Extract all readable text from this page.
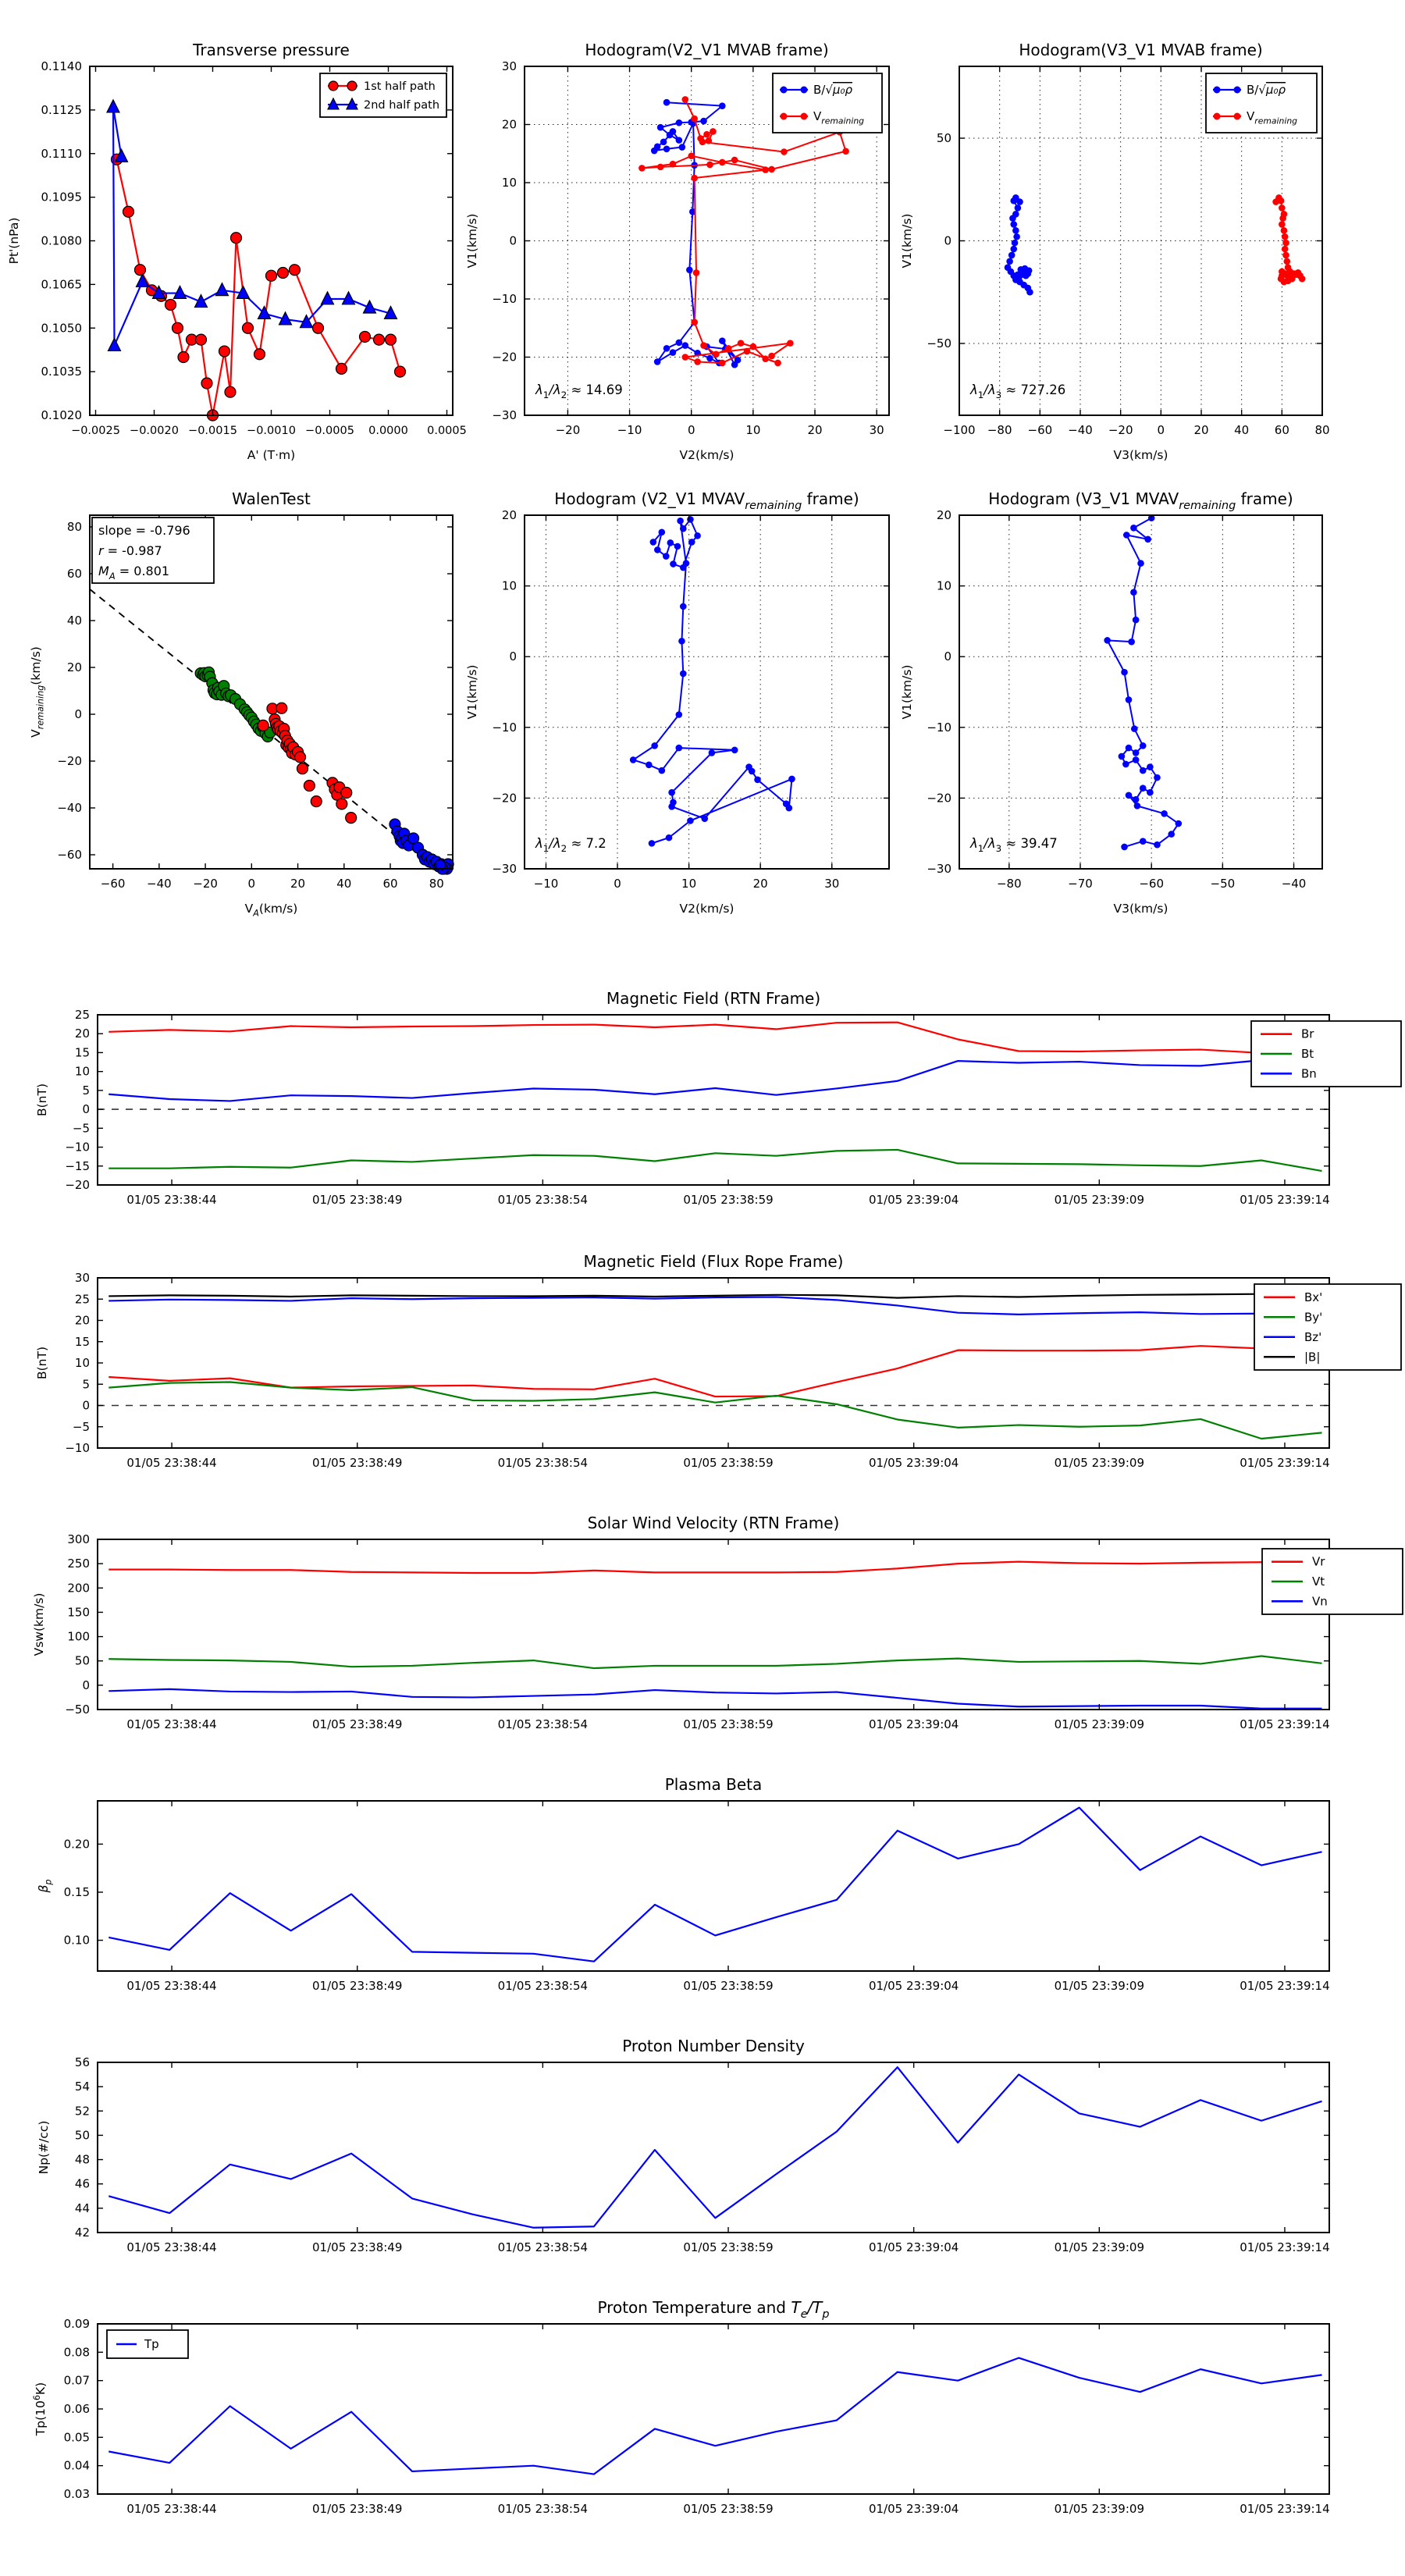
−0.0025 −0.0020 −0.0015 −0.0010 −0.0005 0.0000 0.0005
0.1020
0.1035
0.1050
0.1065
0.1080
0.1095
0.1110
0.1125
0.1140
Transverse pressure
A' (T·m)
Pt'(nPa)
1st half path
2nd half path
−20	−10	0	10	20	30
−30
−20
−10
0
10
20
30
Hodogram(V2_V1 MVAB frame)
V2(km/s)
V1(km/s)
$\lambda_1/\lambda_2 \approx 14.69$
B/√μ₀ρ
$V_{remaining}$
−100 −80 −60 −40 −20 0 20 40 60 80
−50
0
50
Hodogram(V3_V1 MVAB frame)
V3(km/s)
V1(km/s)
$\lambda_1/\lambda_3 \approx 727.26$
B/√μ₀ρ
$V_{remaining}$
−60 −40 −20	0	20	40	60	80
−60
−40
−20
0
20
40
60
80
WalenTest
$V_A(km/s)$
$V_{remaining}(km/s)$
slope = -0.796
r = -0.987
$M_A = 0.801$
−10	0	10	20	30
−30
−20
−10
0
10
20
Hodogram (V2_V1 $MVAV_{remaining}$ frame)
V2(km/s)
V1(km/s)
$\lambda_1/\lambda_2 \approx 7.2$
−80	−70	−60	−50	−40
−30
−20
−10
0
10
20
Hodogram (V3_V1 $MVAV_{remaining}$ frame)
V3(km/s)
V1(km/s)
$\lambda_1/\lambda_3 \approx 39.47$
01/05 23:38:44	01/05 23:38:49	01/05 23:38:54	01/05 23:38:59	01/05 23:39:04	01/05 23:39:09	01/05 23:39:14
−20
−15
−10
−5
0
5
10
15
20
25
Magnetic Field (RTN Frame)
B(nT)
Br
Bt
Bn
01/05 23:38:44	01/05 23:38:49	01/05 23:38:54	01/05 23:38:59	01/05 23:39:04	01/05 23:39:09	01/05 23:39:14
−10
−5
0
5
10
15
20
25
30
Magnetic Field (Flux Rope Frame)
B(nT)
Bx'
By'
Bz'
|B|
01/05 23:38:44	01/05 23:38:49	01/05 23:38:54	01/05 23:38:59	01/05 23:39:04	01/05 23:39:09	01/05 23:39:14
−50
0
50
100
150
200
250
300
Solar Wind Velocity (RTN Frame)
Vsw(km/s)
Vr
Vt
Vn
01/05 23:38:44	01/05 23:38:49	01/05 23:38:54	01/05 23:38:59	01/05 23:39:04	01/05 23:39:09	01/05 23:39:14
0.10
0.15
0.20
Plasma Beta
$\beta_p$
01/05 23:38:44	01/05 23:38:49	01/05 23:38:54	01/05 23:38:59	01/05 23:39:04	01/05 23:39:09	01/05 23:39:14
42
44
46
48
50
52
54
56
Proton Number Density
Np(#/cc)
01/05 23:38:44	01/05 23:38:49	01/05 23:38:54	01/05 23:38:59	01/05 23:39:04	01/05 23:39:09	01/05 23:39:14
0.03
0.04
0.05
0.06
0.07
0.08
0.09
Proton Temperature and $T_e/T_p$
$Tp(10^6K)$
Tp
